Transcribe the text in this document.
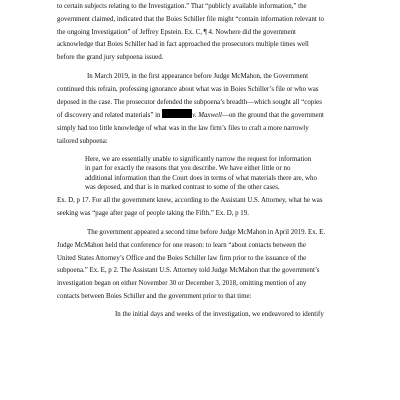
to certain subjects relating to the Investigation.” That “publicly available information,” the
government claimed, indicated that the Boies Schiller file might “contain information relevant to
the ongoing Investigation” of Jeffrey Epstein. Ex. C, ¶ 4. Nowhere did the government
acknowledge that Boies Schiller had in fact approached the prosecutors multiple times well
before the grand jury subpoena issued.

In March 2019, in the first appearance before Judge McMahon, the Government
continued this refrain, professing ignorance about what was in Boies Schiller’s file or who was
deposed in the case. The prosecutor defended the subpoena’s breadth—which sought all “copies
of discovery and related materials” in	v. Maxwell—on the ground that the government
simply had too little knowledge of what was in the law firm’s files to craft a more narrowly
tailored subpoena:

Here, we are essentially unable to significantly narrow the request for information
in part for exactly the reasons that you describe. We have either little or no
additional information than the Court does in terms of what materials there are, who
was deposed, and that is in marked contrast to some of the other cases.

Ex. D, p 17. For all the government knew, according to the Assistant U.S. Attorney, what he was
seeking was “page after page of people taking the Fifth.” Ex. D, p 19.

The government appeared a second time before Judge McMahon in April 2019. Ex. E.
Judge McMahon held that conference for one reason: to learn “about contacts between the
United States Attorney’s Office and the Boies Schiller law firm prior to the issuance of the
subpoena.” Ex. E, p 2. The Assistant U.S. Attorney told Judge McMahon that the government’s
investigation began on either November 30 or December 3, 2018, omitting mention of any
contacts between Boies Schiller and the government prior to that time:

In the initial days and weeks of the investigation, we endeavored to identify
